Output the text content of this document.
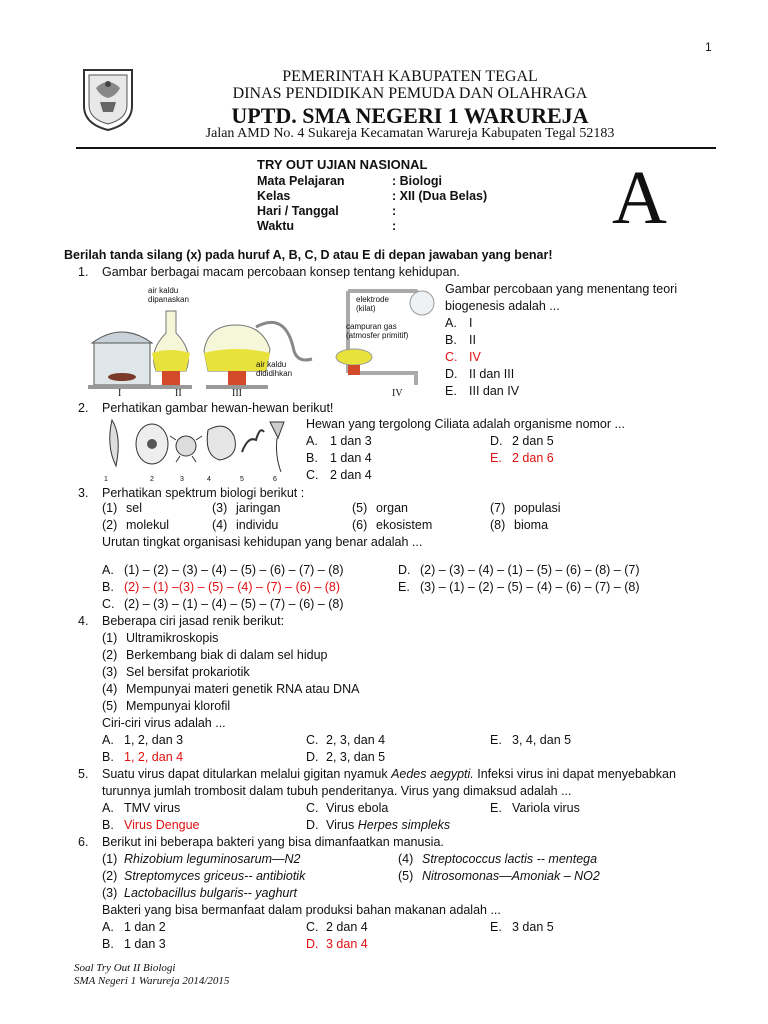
1
PEMERINTAH KABUPATEN TEGAL
DINAS PENDIDIKAN PEMUDA DAN OLAHRAGA
UPTD. SMA NEGERI 1 WARUREJA
Jalan AMD No. 4 Sukareja Kecamatan Warureja Kabupaten Tegal 52183
TRY OUT UJIAN NASIONAL
Mata Pelajaran	: Biologi
Kelas	: XII (Dua Belas)
Hari / Tanggal	:
Waktu	:	A
Berilah tanda silang (x) pada huruf A, B, C, D atau E di depan jawaban yang benar!
1. Gambar berbagai macam percobaan konsep tentang kehidupan.
air kaldu
dipanaskan	elektrode
(kilat)
campuran gas
(atmosfer primitif)
air kaldu
dididihkan
I	II	III	IV
Gambar percobaan yang menentang teori
biogenesis adalah ...
A. I
B. II
C. IV
D. II dan III
E. III dan IV
2. Perhatikan gambar hewan-hewan berikut!
1	2	3	4	5	6
Hewan yang tergolong Ciliata adalah organisme nomor ...
A. 1 dan 3	D. 2 dan 5
B. 1 dan 4	E. 2 dan 6
C. 2 dan 4
3. Perhatikan spektrum biologi berikut :
(1) sel	(3) jaringan	(5) organ	(7) populasi
(2) molekul	(4) individu	(6) ekosistem	(8) bioma
Urutan tingkat organisasi kehidupan yang benar adalah ...
A. (1) – (2) – (3) – (4) – (5) – (6) – (7) – (8)	D. (2) – (3) – (4) – (1) – (5) – (6) – (8) – (7)
B. (2) – (1) –(3) – (5) – (4) – (7) – (6) – (8)	E. (3) – (1) – (2) – (5) – (4) – (6) – (7) – (8)
C. (2) – (3) – (1) – (4) – (5) – (7) – (6) – (8)
4. Beberapa ciri jasad renik berikut:
(1) Ultramikroskopis
(2) Berkembang biak di dalam sel hidup
(3) Sel bersifat prokariotik
(4) Mempunyai materi genetik RNA atau DNA
(5) Mempunyai klorofil
Ciri-ciri virus adalah ...
A. 1, 2, dan 3	C. 2, 3, dan 4	E. 3, 4, dan 5
B. 1, 2, dan 4	D. 2, 3, dan 5
5. Suatu virus dapat ditularkan melalui gigitan nyamuk Aedes aegypti. Infeksi virus ini dapat menyebabkan
turunnya jumlah trombosit dalam tubuh penderitanya. Virus yang dimaksud adalah ...
A. TMV virus	C. Virus ebola	E. Variola virus
B. Virus Dengue	D. Virus Herpes simpleks
6. Berikut ini beberapa bakteri yang bisa dimanfaatkan manusia.
(1) Rhizobium leguminosarum—N2	(4) Streptococcus lactis -- mentega
(2) Streptomyces griceus-- antibiotik	(5) Nitrosomonas—Amoniak – NO2
(3) Lactobacillus bulgaris-- yaghurt
Bakteri yang bisa bermanfaat dalam produksi bahan makanan adalah ...
A. 1 dan 2	C. 2 dan 4	E. 3 dan 5
B. 1 dan 3	D. 3 dan 4
Soal Try Out II Biologi
SMA Negeri 1 Warureja 2014/2015
